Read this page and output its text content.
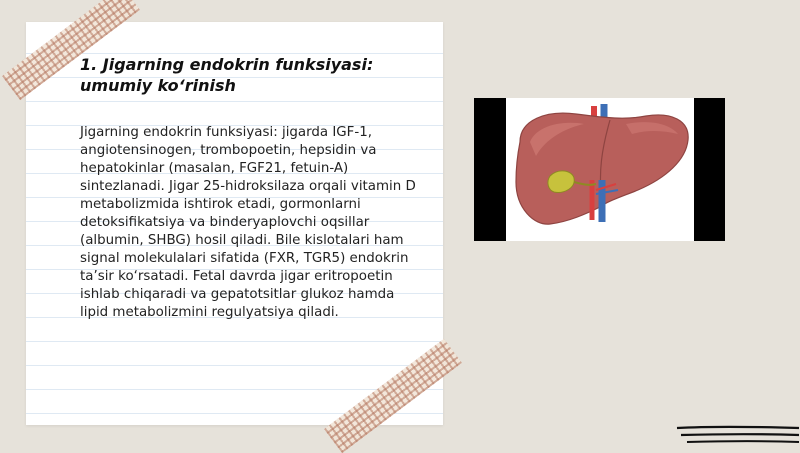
1. Jigarning endokrin funksiyasi: umumiy ko‘rinish

Jigarning endokrin funksiyasi: jigarda IGF-1, angiotensinogen, trombopoetin, hepsidin va hepatokinlar (masalan, FGF21, fetuin-A) sintezlanadi. Jigar 25-hidroksilaza orqali vitamin D metabolizmida ishtirok etadi, gormonlarni detoksifikatsiya va binderyaplovchi oqsillar (albumin, SHBG) hosil qiladi. Bile kislotalari ham signal molekulalari sifatida (FXR, TGR5) endokrin ta’sir ko‘rsatadi. Fetal davrda jigar eritropoetin ishlab chiqaradi va gepatotsitlar glukoz hamda lipid metabolizmini regulyatsiya qiladi.
